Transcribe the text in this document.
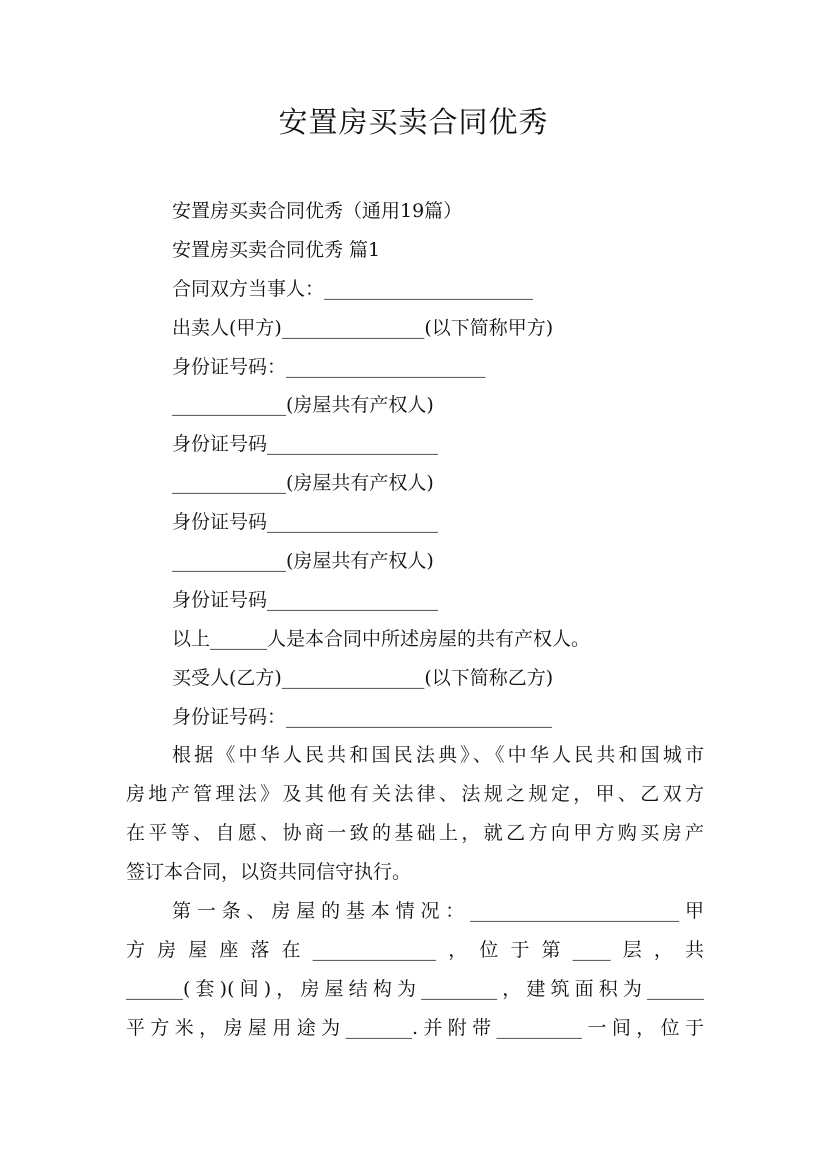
安置房买卖合同优秀
安置房买卖合同优秀（通用19篇）
安置房买卖合同优秀 篇1
合同双方当事人：______________________
出卖人(甲方)_______________(以下简称甲方)
身份证号码：_____________________
____________(房屋共有产权人)
身份证号码__________________
____________(房屋共有产权人)
身份证号码__________________
____________(房屋共有产权人)
身份证号码__________________
以上______人是本合同中所述房屋的共有产权人。
买受人(乙方)_______________(以下简称乙方)
身份证号码：____________________________
根据《中华人民共和国民法典》、《中华人民共和国城市
房地产管理法》及其他有关法律、法规之规定，甲、乙双方
在平等、自愿、协商一致的基础上，就乙方向甲方购买房产
签订本合同，以资共同信守执行。
第一条、房屋的基本情况：______________________甲
方房屋座落在_____________，位于第____层，共
______(套)(间)，房屋结构为________，建筑面积为______
平方米，房屋用途为_______.并附带_________一间，位于
